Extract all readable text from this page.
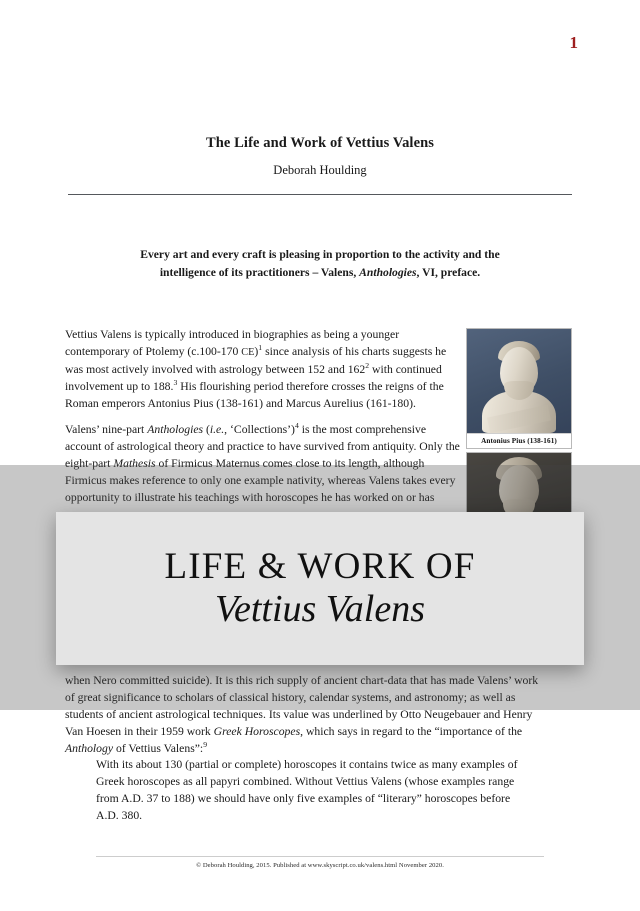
1

The Life and Work of Vettius Valens

Deborah Houlding

Every art and every craft is pleasing in proportion to the activity and the
intelligence of its practitioners – Valens, Anthologies, VI, preface.
Antonius Pius (138-161)

Vettius Valens is typically introduced in biographies as being a younger contemporary of Ptolemy (c.100-170 CE)$^1$ since analysis of his charts suggests he was most actively involved with astrology between 152 and $162^2$ with continued involvement up to 188.$^3$ His flourishing period therefore crosses the reigns of the Roman emperors Antonius Pius (138-161) and Marcus Aurelius (161-180).

Valens’ nine-part Anthologies (i.e., ‘Collections’)$^4$ is the most comprehensive account of astrological theory and practice to have survived from antiquity. Only the eight-part Mathesis of Firmicus Maternus comes close to its length, although Firmicus makes reference to only one example nativity, whereas Valens takes every opportunity to illustrate his teachings with horoscopes he has worked on or has

when Nero committed suicide). It is this rich supply of ancient chart-data that has made Valens’ work of great significance to scholars of classical history, calendar systems, and astronomy; as well as students of ancient astrological techniques. Its value was underlined by Otto Neugebauer and Henry Van Hoesen in their 1959 work Greek Horoscopes, which says in regard to the “importance of the Anthology of Vettius Valens”:$^9$

With its about 130 (partial or complete) horoscopes it contains twice as many examples of Greek horoscopes as all papyri combined. Without Vettius Valens (whose examples range from A.D. 37 to 188) we should have only five examples of “literary” horoscopes before A.D. 380.

© Deborah Houlding, 2015. Published at www.skyscript.co.uk/valens.html November 2020.
LIFE & WORK OF
Vettius Valens
